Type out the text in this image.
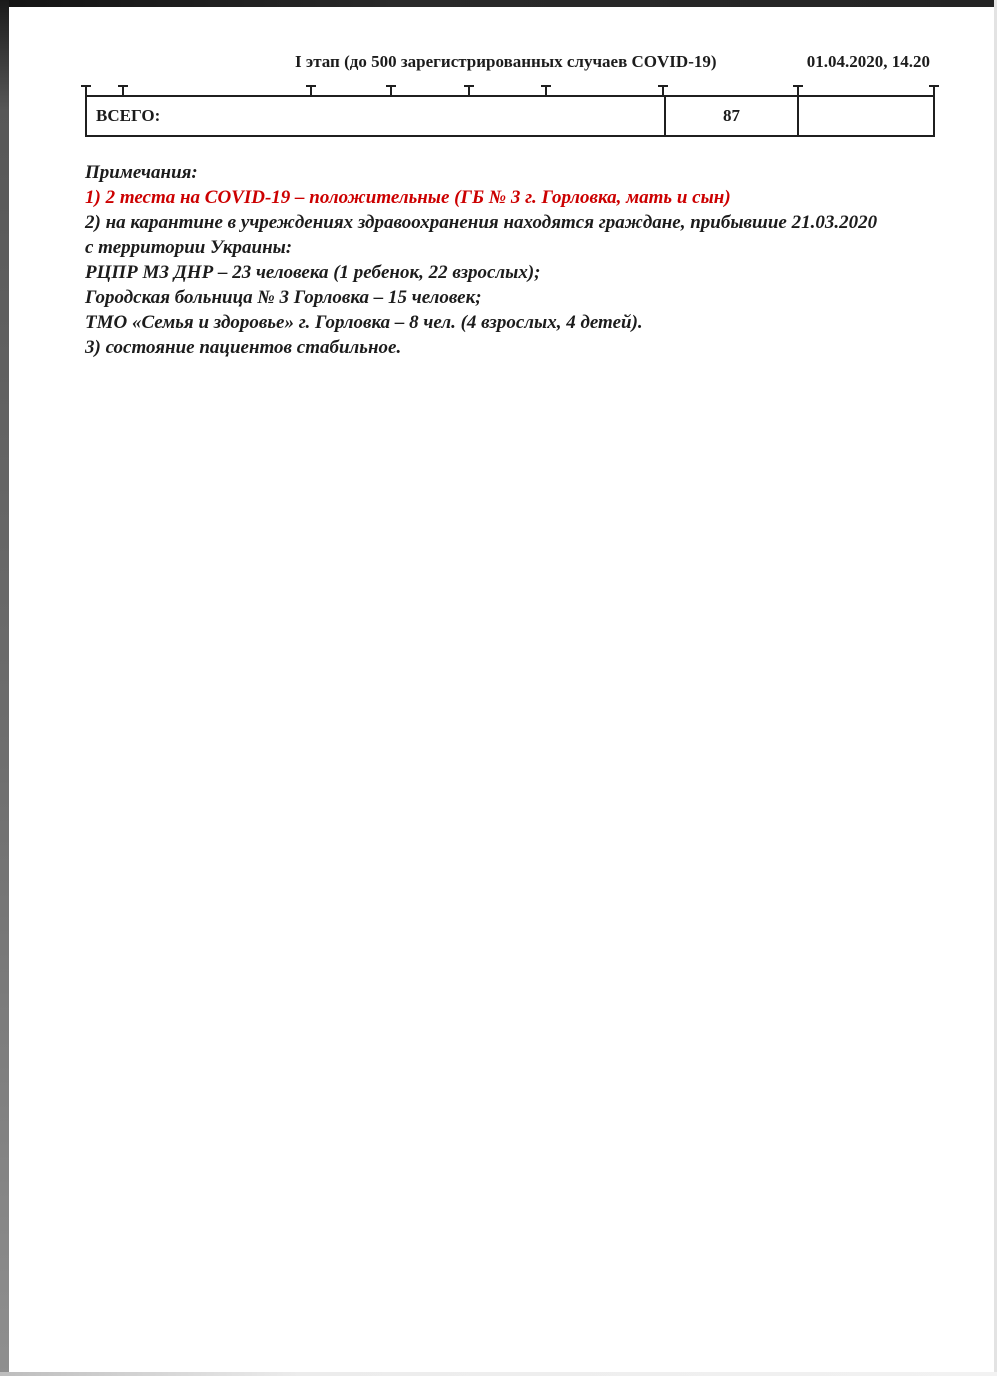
I этап (до 500 зарегистрированных случаев COVID-19)	01.04.2020, 14.20
ВСЕГО:	87
Примечания:
1) 2 теста на COVID-19 – положительные (ГБ № 3 г. Горловка, мать и сын)
2) на карантине в учреждениях здравоохранения находятся граждане, прибывшие 21.03.2020
с территории Украины:
РЦПР МЗ ДНР – 23 человека (1 ребенок, 22 взрослых);
Городская больница № 3 Горловка – 15 человек;
ТМО «Семья и здоровье» г. Горловка – 8 чел. (4 взрослых, 4 детей).
3) состояние пациентов стабильное.
